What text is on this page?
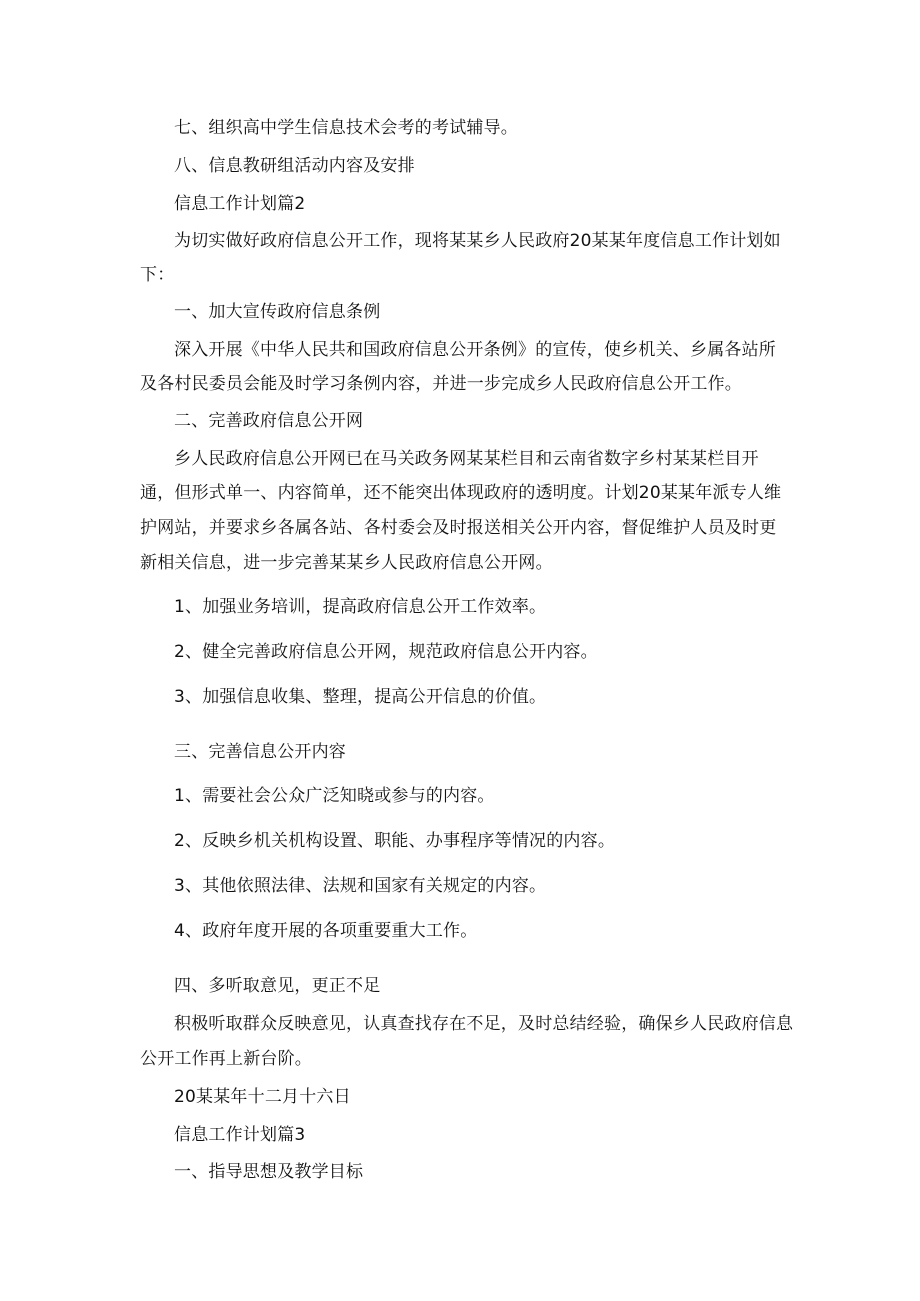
七、组织高中学生信息技术会考的考试辅导。
八、信息教研组活动内容及安排
信息工作计划篇2
为切实做好政府信息公开工作，现将某某乡人民政府20某某年度信息工作计划如
下：
一、加大宣传政府信息条例
深入开展《中华人民共和国政府信息公开条例》的宣传，使乡机关、乡属各站所
及各村民委员会能及时学习条例内容，并进一步完成乡人民政府信息公开工作。
二、完善政府信息公开网
乡人民政府信息公开网已在马关政务网某某栏目和云南省数字乡村某某栏目开
通，但形式单一、内容简单，还不能突出体现政府的透明度。计划20某某年派专人维
护网站，并要求乡各属各站、各村委会及时报送相关公开内容，督促维护人员及时更
新相关信息，进一步完善某某乡人民政府信息公开网。
1、加强业务培训，提高政府信息公开工作效率。
2、健全完善政府信息公开网，规范政府信息公开内容。
3、加强信息收集、整理，提高公开信息的价值。
三、完善信息公开内容
1、需要社会公众广泛知晓或参与的内容。
2、反映乡机关机构设置、职能、办事程序等情况的内容。
3、其他依照法律、法规和国家有关规定的内容。
4、政府年度开展的各项重要重大工作。
四、多听取意见，更正不足
积极听取群众反映意见，认真查找存在不足，及时总结经验，确保乡人民政府信息
公开工作再上新台阶。
20某某年十二月十六日
信息工作计划篇3
一、指导思想及教学目标
